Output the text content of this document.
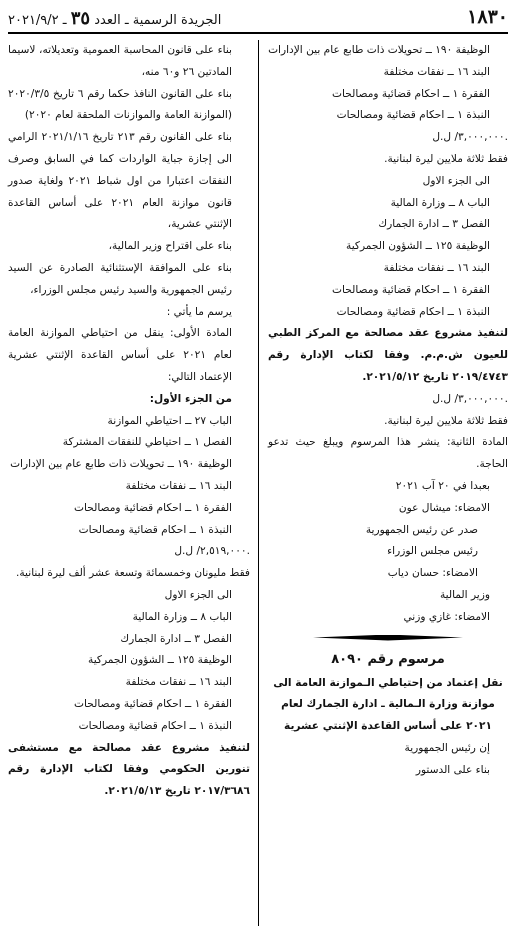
١٨٣٠
الجريدة الرسمية ـ العدد ٣٥ ـ ٢٠٢١/٩/٢

الوظيفة ١٩٠ ــ تحويلات ذات طابع عام بين الإدارات

البند ١٦ ــ نفقات مختلفة

الفقرة ١ ــ احكام قضائية ومصالحات

النبذة ١ ــ احكام قضائية ومصالحات

٣,٠٠٠,٠٠٠/ ل.ل.

فقط ثلاثة ملايين ليرة لبنانية.

الى الجزء الاول

الباب ٨ ــ وزارة المالية

الفصل ٣ ــ ادارة الجمارك

الوظيفة ١٢٥ ــ الشؤون الجمركية

البند ١٦ ــ نفقات مختلفة

الفقرة ١ ــ احكام قضائية ومصالحات

النبذة ١ ــ احكام قضائية ومصالحات

لتنفيذ مشروع عقد مصالحة مع المركز الطبي للعيون ش.م.م. وفقا لكتاب الإدارة رقم ٢٠١٩/٤٧٤٣ تاريخ ٢٠٢١/٥/١٢.

٣,٠٠٠,٠٠٠/ ل.ل.

فقط ثلاثة ملايين ليرة لبنانية.

المادة الثانية: ينشر هذا المرسوم ويبلغ حيث تدعو الحاجة.

بعبدا في ٢٠ آب ٢٠٢١

الامضاء: ميشال عون

صدر عن رئيس الجمهورية

رئيس مجلس الوزراء

الامضاء: حسان دياب

وزير المالية

الامضاء: غازي وزني

مرسوم رقم ٨٠٩٠

نقل إعتماد من إحتياطي الـموازنة العامة الى موازنة وزارة الـمالية ـ ادارة الجمارك لعام ٢٠٢١ على أساس القاعدة الإثنتي عشرية

إن رئيس الجمهورية

بناء على الدستور

بناء على قانون المحاسبة العمومية وتعديلاته، لاسيما المادتين ٢٦ و٦٠ منه،

بناء على القانون النافذ حكما رقم ٦ تاريخ ٢٠٢٠/٣/٥ (الموازنة العامة والموازنات الملحقة لعام ٢٠٢٠)

بناء على القانون رقم ٢١٣ تاريخ ٢٠٢١/١/١٦ الرامي الى إجازة جباية الواردات كما في السابق وصرف النفقات اعتبارا من اول شباط ٢٠٢١ ولغاية صدور قانون موازنة العام ٢٠٢١ على أساس القاعدة الإثنتي عشرية،

بناء على اقتراح وزير المالية،

بناء على الموافقة الإستثنائية الصادرة عن السيد رئيس الجمهورية والسيد رئيس مجلس الوزراء،

يرسم ما يأتي :

المادة الأولى: ينقل من احتياطي الموازنة العامة لعام ٢٠٢١ على أساس القاعدة الإثنتي عشرية الإعتماد التالي:

من الجزء الأول:

الباب ٢٧ ــ احتياطي الموازنة

الفصل ١ ــ احتياطي للنفقات المشتركة

الوظيفة ١٩٠ ــ تحويلات ذات طابع عام بين الإدارات

البند ١٦ ــ نفقات مختلفة

الفقرة ١ ــ احكام قضائية ومصالحات

النبذة ١ ــ احكام قضائية ومصالحات

٢,٥١٩,٠٠٠/ ل.ل.

فقط مليونان وخمسمائة وتسعة عشر ألف ليرة لبنانية.

الى الجزء الاول

الباب ٨ ــ وزارة المالية

الفصل ٣ ــ ادارة الجمارك

الوظيفة ١٢٥ ــ الشؤون الجمركية

البند ١٦ ــ نفقات مختلفة

الفقرة ١ ــ احكام قضائية ومصالحات

النبذة ١ ــ احكام قضائية ومصالحات

لتنفيذ مشروع عقد مصالحة مع مستشفى تنورين الحكومي وفقا لكتاب الإدارة رقم ٢٠١٧/٣٦٨٦ تاريخ ٢٠٢١/٥/١٣.
